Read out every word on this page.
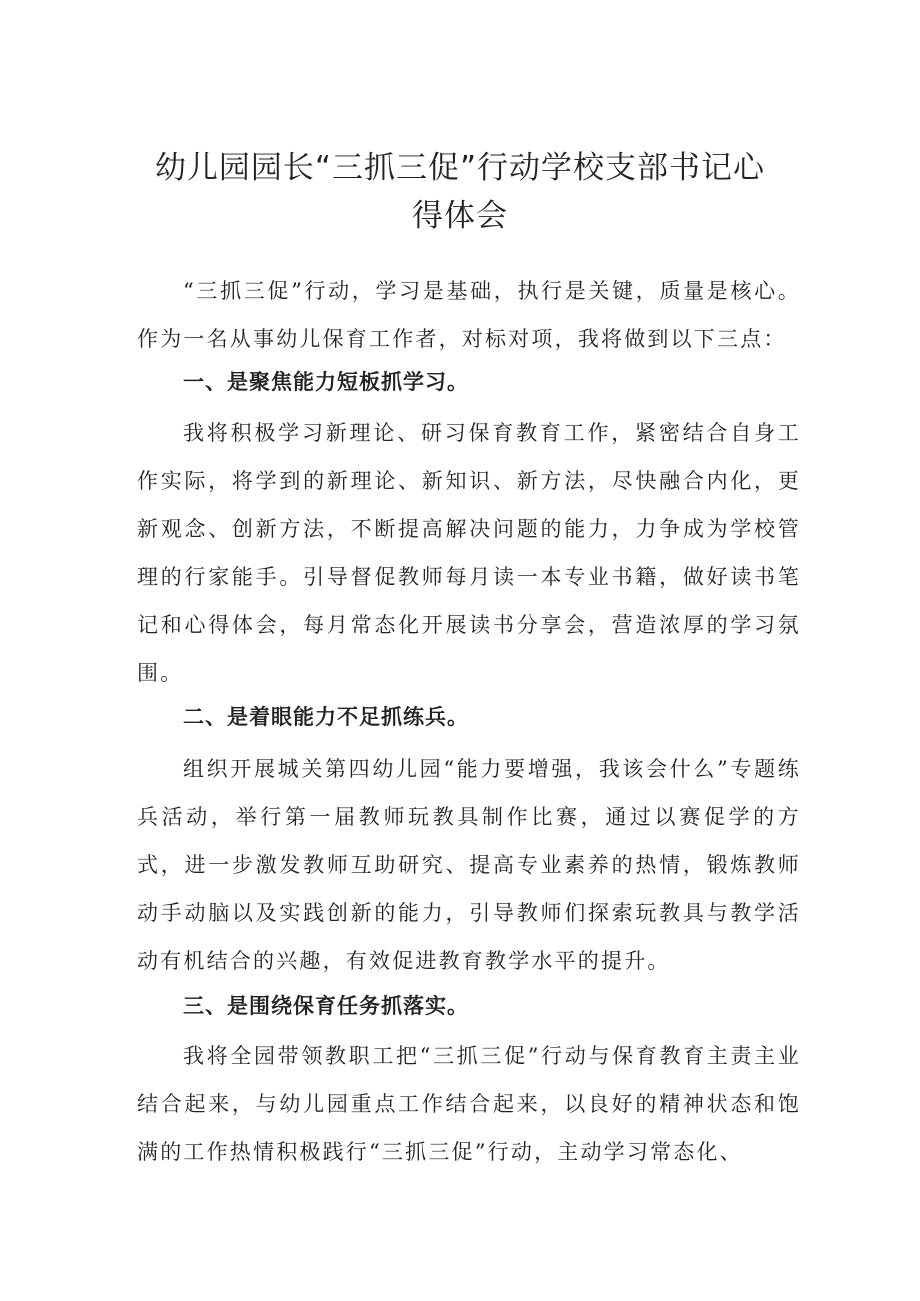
幼儿园园长“三抓三促”行动学校支部书记心
得体会

“三抓三促”行动，学习是基础，执行是关键，质量是核心。作为一名从事幼儿保育工作者，对标对项，我将做到以下三点：

一、是聚焦能力短板抓学习。

我将积极学习新理论、研习保育教育工作，紧密结合自身工作实际，将学到的新理论、新知识、新方法，尽快融合内化，更新观念、创新方法，不断提高解决问题的能力，力争成为学校管理的行家能手。引导督促教师每月读一本专业书籍，做好读书笔记和心得体会，每月常态化开展读书分享会，营造浓厚的学习氛围。

二、是着眼能力不足抓练兵。

组织开展城关第四幼儿园“能力要增强，我该会什么”专题练兵活动，举行第一届教师玩教具制作比赛，通过以赛促学的方式，进一步激发教师互助研究、提高专业素养的热情，锻炼教师动手动脑以及实践创新的能力，引导教师们探索玩教具与教学活动有机结合的兴趣，有效促进教育教学水平的提升。

三、是围绕保育任务抓落实。

我将全园带领教职工把“三抓三促”行动与保育教育主责主业结合起来，与幼儿园重点工作结合起来，以良好的精神状态和饱满的工作热情积极践行“三抓三促”行动，主动学习常态化、
